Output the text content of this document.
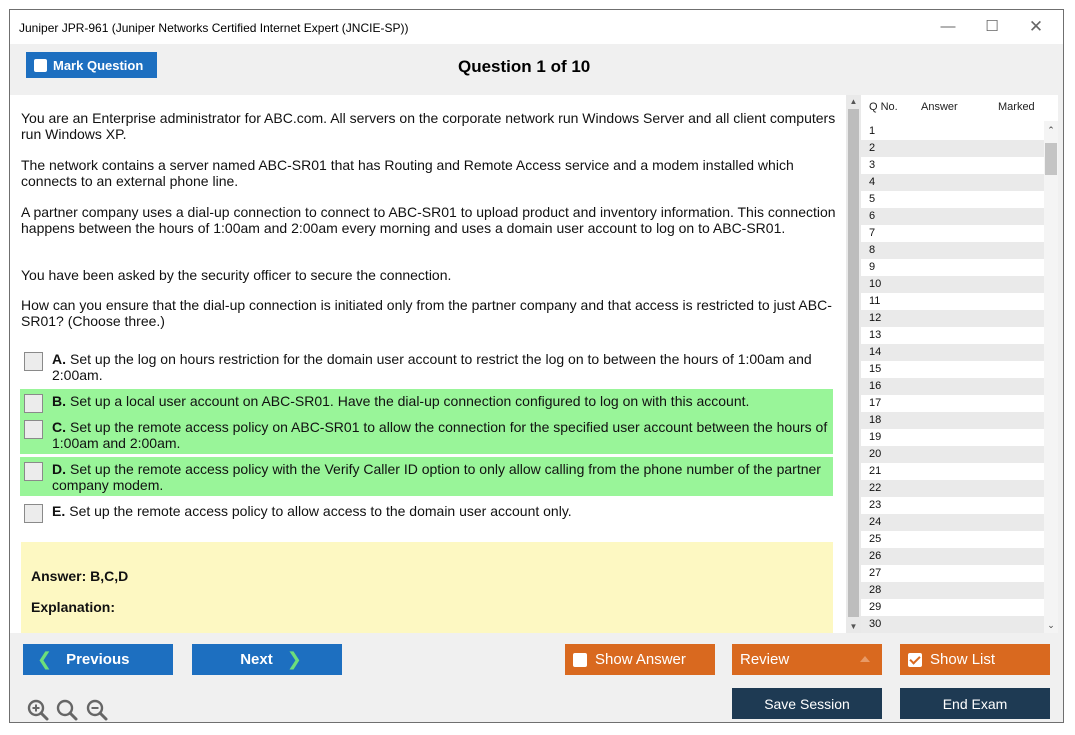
Juniper JPR-961 (Juniper Networks Certified Internet Expert (JNCIE-SP))	—	☐	✕
Mark Question	Question 1 of 10
You are an Enterprise administrator for ABC.com. All servers on the corporate network run Windows Server and all client computers run Windows XP.
The network contains a server named ABC-SR01 that has Routing and Remote Access service and a modem installed which connects to an external phone line.
A partner company uses a dial-up connection to connect to ABC-SR01 to upload product and inventory information. This connection happens between the hours of 1:00am and 2:00am every morning and uses a domain user account to log on to ABC-SR01.
You have been asked by the security officer to secure the connection.
How can you ensure that the dial-up connection is initiated only from the partner company and that access is restricted to just ABC-SR01? (Choose three.)
A. Set up the log on hours restriction for the domain user account to restrict the log on to between the hours of 1:00am and 2:00am.
B. Set up a local user account on ABC-SR01. Have the dial-up connection configured to log on with this account.
C. Set up the remote access policy on ABC-SR01 to allow the connection for the specified user account between the hours of 1:00am and 2:00am.
D. Set up the remote access policy with the Verify Caller ID option to only allow calling from the phone number of the partner company modem.
E. Set up the remote access policy to allow access to the domain user account only.
Answer: B,C,D
Explanation:
▲
▼
Q No. Answer	Marked
1
2
3
4
5
6
7
8
9
10
11
12
13
14
15
16
17
18
19
20
21
22
23
24
25
26
27
28
29
30
⌃
⌄
❮ Previous	Next ❯	Show Answer	Review	Show List
Save Session	End Exam
